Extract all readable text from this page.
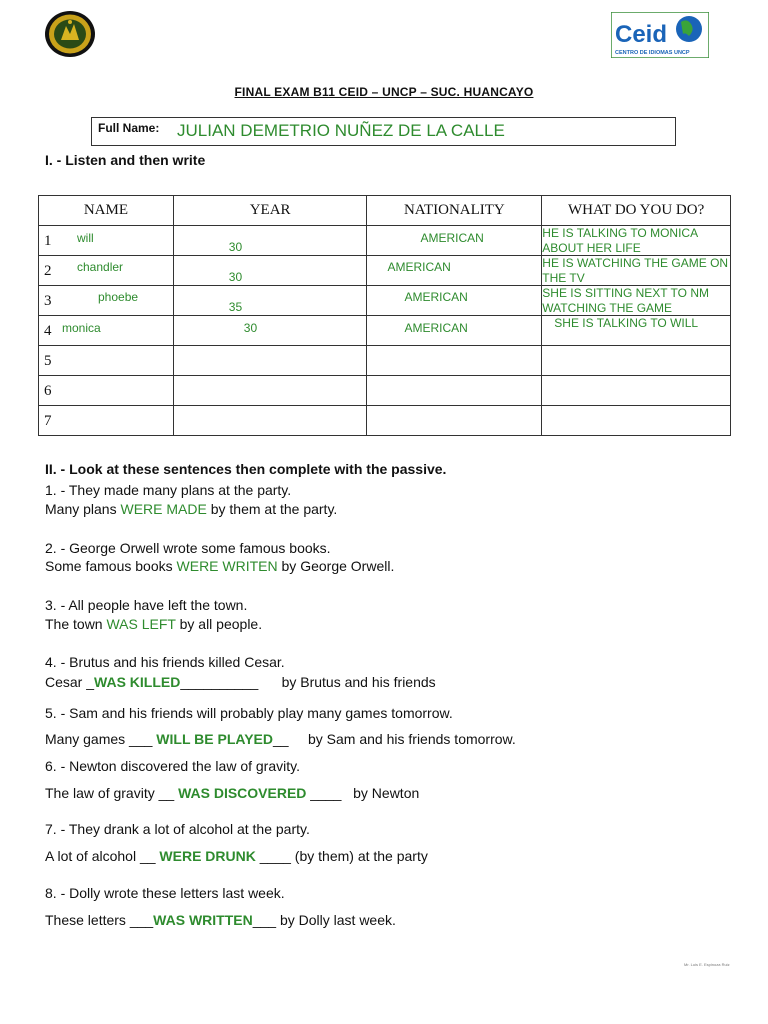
Ceid
CENTRO DE IDIOMAS UNCP
FINAL EXAM B11 CEID – UNCP – SUC. HUANCAYO
Full Name: JULIAN DEMETRIO NUÑEZ DE LA CALLE
I. - Listen and then write
NAME	YEAR	NATIONALITY	WHAT DO YOU DO?

1 will	30	AMERICAN	HE IS TALKING TO MONICA ABOUT HER LIFE

2 chandler	30	AMERICAN	HE IS WATCHING THE GAME ON THE TV

3 phoebe	35	AMERICAN	SHE IS SITTING NEXT TO NM WATCHING THE GAME

4 monica	30	AMERICAN	SHE IS TALKING TO WILL

5			

6			

7			

II. - Look at these sentences then complete with the passive.
1. - They made many plans at the party.
Many plans WERE MADE by them at the party.
2. - George Orwell wrote some famous books.
Some famous books WERE WRITEN by George Orwell.
3. - All people have left the town.
The town WAS LEFT by all people.
4. - Brutus and his friends killed Cesar.
Cesar _WAS KILLED__________      by Brutus and his friends
5. - Sam and his friends will probably play many games tomorrow.
Many games ___ WILL BE PLAYED__     by Sam and his friends tomorrow.
6. - Newton discovered the law of gravity.
The law of gravity __ WAS DISCOVERED ____   by Newton
7. - They drank a lot of alcohol at the party.
A lot of alcohol __ WERE DRUNK ____ (by them) at the party
8. - Dolly wrote these letters last week.
These letters ___WAS WRITTEN___ by Dolly last week.
Mr. Luis E. Espinoza Ruiz
